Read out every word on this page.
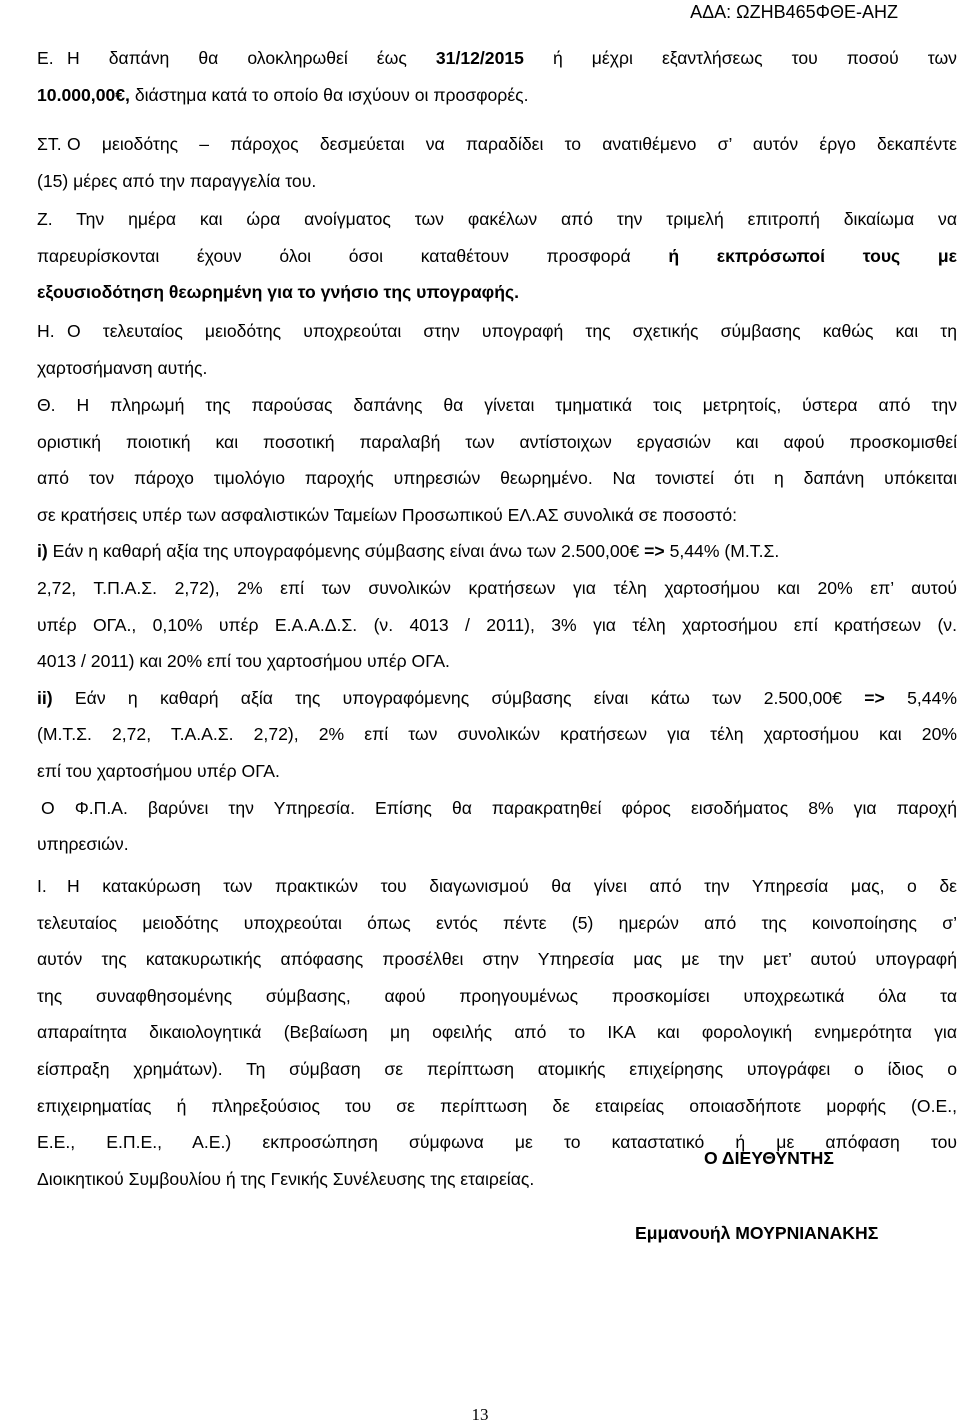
ΑΔΑ: ΩΖΗΒ465ΦΘΕ-ΑΗΖ
Ε. Η δαπάνη θα ολοκληρωθεί έως 31/12/2015 ή μέχρι εξαντλήσεως του ποσού των
10.000,00€, διάστημα κατά το οποίο θα ισχύουν οι προσφορές.
ΣΤ. Ο μειοδότης – πάροχος δεσμεύεται να παραδίδει το ανατιθέμενο σ’ αυτόν έργο δεκαπέντε
(15) μέρες από την παραγγελία του.
Ζ. Την ημέρα και ώρα ανοίγματος των φακέλων από την τριμελή επιτροπή δικαίωμα να
παρευρίσκονται έχουν όλοι όσοι καταθέτουν προσφορά ή εκπρόσωποί τους με
εξουσιοδότηση θεωρημένη για το γνήσιο της υπογραφής.
Η. Ο τελευταίος μειοδότης υποχρεούται στην υπογραφή της σχετικής σύμβασης καθώς και τη
χαρτοσήμανση αυτής.
Θ. Η πληρωμή της παρούσας δαπάνης θα γίνεται τμηματικά τοις μετρητοίς, ύστερα από την
οριστική ποιοτική και ποσοτική παραλαβή των αντίστοιχων εργασιών και αφού προσκομισθεί
από τον πάροχο τιμολόγιο παροχής υπηρεσιών θεωρημένο. Να τονιστεί ότι η δαπάνη υπόκειται
σε κρατήσεις υπέρ των ασφαλιστικών Ταμείων Προσωπικού ΕΛ.ΑΣ συνολικά σε ποσοστό:
i) Εάν η καθαρή αξία της υπογραφόμενης σύμβασης είναι άνω των 2.500,00€ => 5,44% (Μ.Τ.Σ.
2,72, Τ.Π.Α.Σ. 2,72), 2% επί των συνολικών κρατήσεων για τέλη χαρτοσήμου και 20% επ’ αυτού
υπέρ ΟΓΑ., 0,10% υπέρ Ε.Α.Α.Δ.Σ. (ν. 4013 / 2011), 3% για τέλη χαρτοσήμου επί κρατήσεων (ν.
4013 / 2011) και 20% επί του χαρτοσήμου υπέρ ΟΓΑ.
ii) Εάν η καθαρή αξία της υπογραφόμενης σύμβασης είναι κάτω των 2.500,00€ => 5,44%
(Μ.Τ.Σ. 2,72, Τ.Α.Α.Σ. 2,72), 2% επί των συνολικών κρατήσεων για τέλη χαρτοσήμου και 20%
επί του χαρτοσήμου υπέρ ΟΓΑ.
Ο Φ.Π.Α. βαρύνει την Υπηρεσία. Επίσης θα παρακρατηθεί φόρος εισοδήματος 8% για παροχή
υπηρεσιών.
Ι. Η κατακύρωση των πρακτικών του διαγωνισμού θα γίνει από την Υπηρεσία μας, ο δε
τελευταίος μειοδότης υποχρεούται όπως εντός πέντε (5) ημερών από της κοινοποίησης σ’
αυτόν της κατακυρωτικής απόφασης προσέλθει στην Υπηρεσία μας με την μετ’ αυτού υπογραφή
της συναφθησομένης σύμβασης, αφού προηγουμένως προσκομίσει υποχρεωτικά όλα τα
απαραίτητα δικαιολογητικά (Βεβαίωση μη οφειλής από το ΙΚΑ και φορολογική ενημερότητα για
είσπραξη χρημάτων). Τη σύμβαση σε περίπτωση ατομικής επιχείρησης υπογράφει ο ίδιος ο
επιχειρηματίας ή πληρεξούσιος του σε περίπτωση δε εταιρείας οποιασδήποτε μορφής (Ο.Ε.,
Ε.Ε., Ε.Π.Ε., Α.Ε.) εκπροσώπηση σύμφωνα με το καταστατικό ή με απόφαση του
Διοικητικού Συμβουλίου ή της Γενικής Συνέλευσης της εταιρείας.
Ο ΔΙΕΥΘΥΝΤΗΣ
Εμμανουήλ ΜΟΥΡΝΙΑΝΑΚΗΣ
13
